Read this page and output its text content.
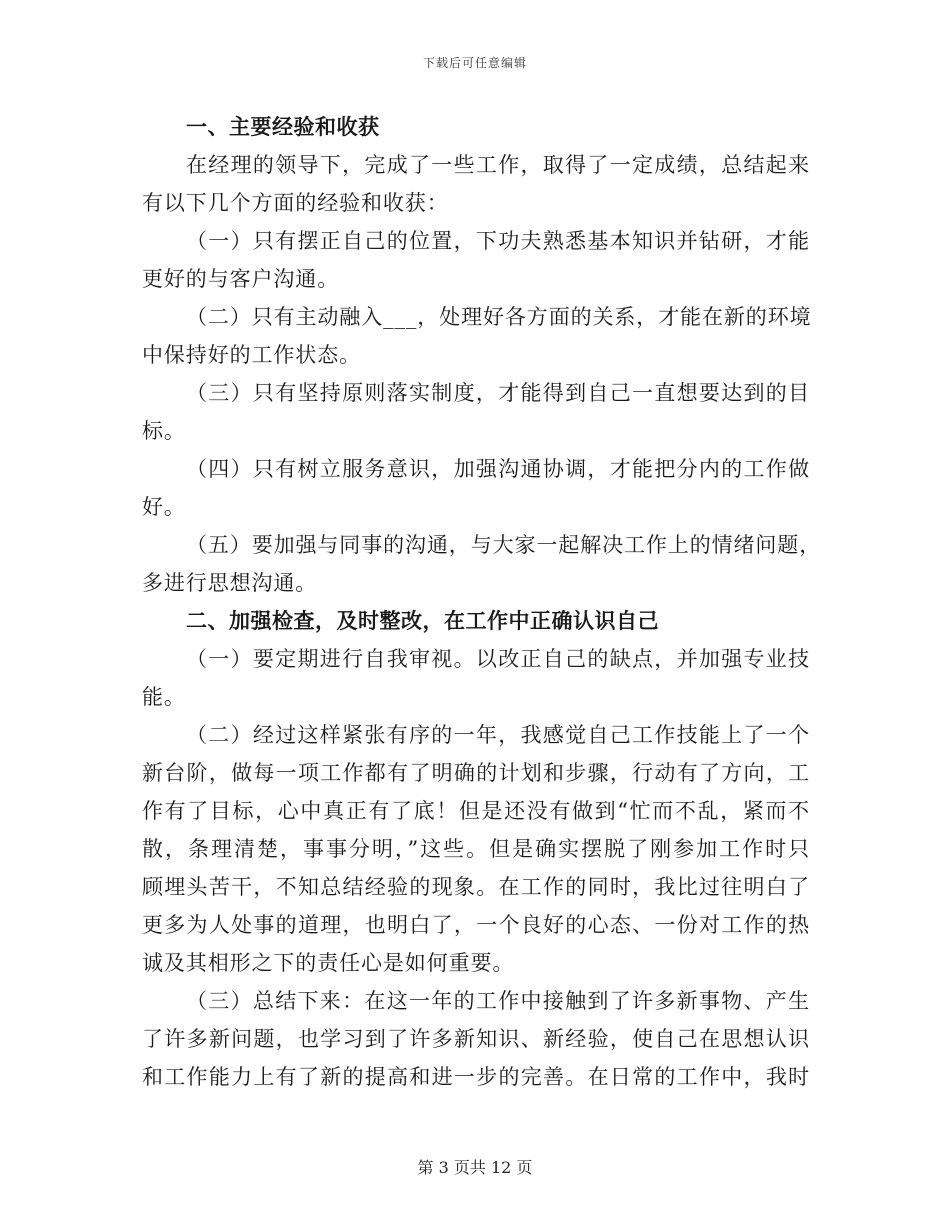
下载后可任意编辑
一、主要经验和收获
在经理的领导下，完成了一些工作，取得了一定成绩，总结起来
有以下几个方面的经验和收获：
（一）只有摆正自己的位置，下功夫熟悉基本知识并钻研，才能
更好的与客户沟通。
（二）只有主动融入___，处理好各方面的关系，才能在新的环境
中保持好的工作状态。
（三）只有坚持原则落实制度，才能得到自己一直想要达到的目
标。
（四）只有树立服务意识，加强沟通协调，才能把分内的工作做
好。
（五）要加强与同事的沟通，与大家一起解决工作上的情绪问题，
多进行思想沟通。
二、加强检查，及时整改，在工作中正确认识自己
（一）要定期进行自我审视。以改正自己的缺点，并加强专业技
能。
（二）经过这样紧张有序的一年，我感觉自己工作技能上了一个
新台阶，做每一项工作都有了明确的计划和步骤，行动有了方向，工
作有了目标，心中真正有了底！但是还没有做到“忙而不乱，紧而不
散，条理清楚，事事分明，”这些。但是确实摆脱了刚参加工作时只
顾埋头苦干，不知总结经验的现象。在工作的同时，我比过往明白了
更多为人处事的道理，也明白了，一个良好的心态、一份对工作的热
诚及其相形之下的责任心是如何重要。
（三）总结下来：在这一年的工作中接触到了许多新事物、产生
了许多新问题，也学习到了许多新知识、新经验，使自己在思想认识
和工作能力上有了新的提高和进一步的完善。在日常的工作中，我时
第 3 页共 12 页
